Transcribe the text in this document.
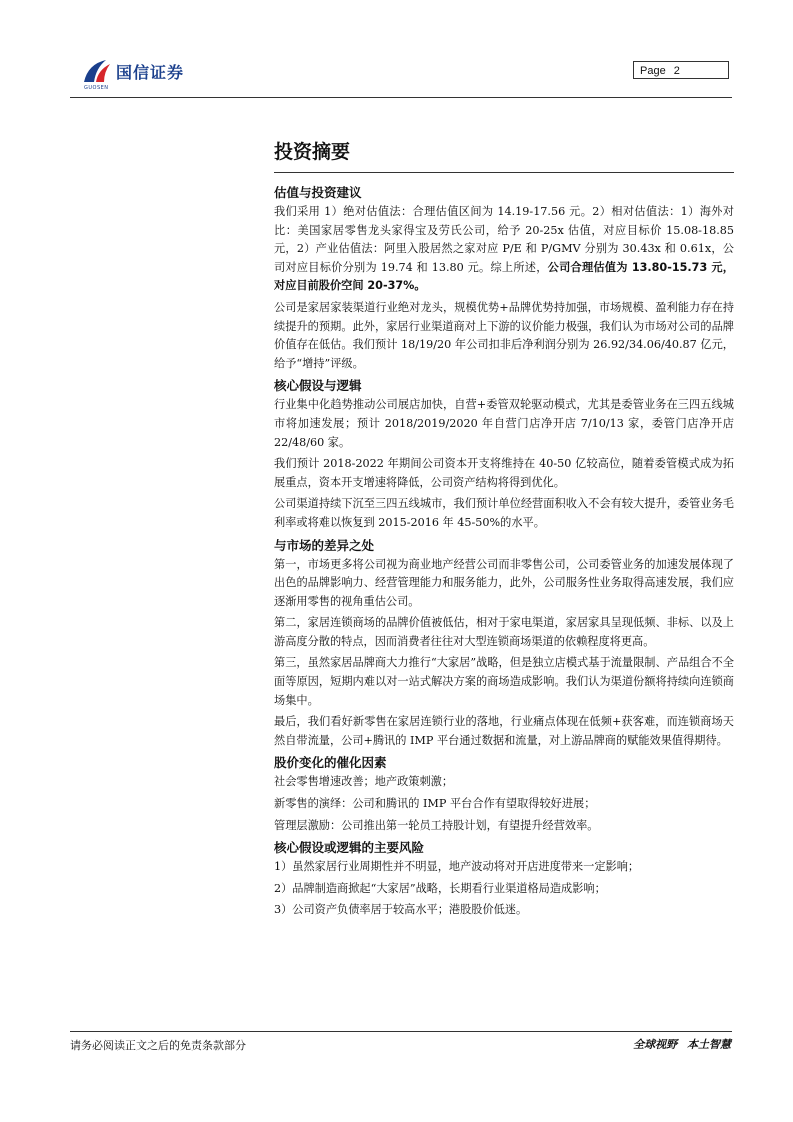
国信证券
GUOSEN
Page 2
投资摘要
估值与投资建议

我们采用 1）绝对估值法：合理估值区间为 14.19-17.56 元。2）相对估值法：1）海外对比：美国家居零售龙头家得宝及劳氏公司，给予 20-25x 估值，对应目标价 15.08-18.85 元，2）产业估值法：阿里入股居然之家对应 P/E 和 P/GMV 分别为 30.43x 和 0.61x，公司对应目标价分别为 19.74 和 13.80 元。综上所述，公司合理估值为 13.80-15.73 元，对应目前股价空间 20-37%。

公司是家居家装渠道行业绝对龙头，规模优势+品牌优势持加强，市场规模、盈利能力存在持续提升的预期。此外，家居行业渠道商对上下游的议价能力极强，我们认为市场对公司的品牌价值存在低估。我们预计 18/19/20 年公司扣非后净利润分别为 26.92/34.06/40.87 亿元，给予“增持”评级。

核心假设与逻辑

行业集中化趋势推动公司展店加快，自营+委管双轮驱动模式，尤其是委管业务在三四五线城市将加速发展；预计 2018/2019/2020 年自营门店净开店 7/10/13 家，委管门店净开店 22/48/60 家。

我们预计 2018-2022 年期间公司资本开支将维持在 40-50 亿较高位，随着委管模式成为拓展重点，资本开支增速将降低，公司资产结构将得到优化。

公司渠道持续下沉至三四五线城市，我们预计单位经营面积收入不会有较大提升，委管业务毛利率或将难以恢复到 2015-2016 年 45-50%的水平。

与市场的差异之处

第一，市场更多将公司视为商业地产经营公司而非零售公司，公司委管业务的加速发展体现了出色的品牌影响力、经营管理能力和服务能力，此外，公司服务性业务取得高速发展，我们应逐渐用零售的视角重估公司。

第二，家居连锁商场的品牌价值被低估，相对于家电渠道，家居家具呈现低频、非标、以及上游高度分散的特点，因而消费者往往对大型连锁商场渠道的依赖程度将更高。

第三，虽然家居品牌商大力推行“大家居”战略，但是独立店模式基于流量限制、产品组合不全面等原因，短期内难以对一站式解决方案的商场造成影响。我们认为渠道份额将持续向连锁商场集中。

最后，我们看好新零售在家居连锁行业的落地，行业痛点体现在低频+获客难，而连锁商场天然自带流量，公司+腾讯的 IMP 平台通过数据和流量，对上游品牌商的赋能效果值得期待。

股价变化的催化因素

社会零售增速改善；地产政策刺激；

新零售的演绎：公司和腾讯的 IMP 平台合作有望取得较好进展；

管理层激励：公司推出第一轮员工持股计划，有望提升经营效率。

核心假设或逻辑的主要风险

1）虽然家居行业周期性并不明显，地产波动将对开店进度带来一定影响；

2）品牌制造商掀起“大家居”战略，长期看行业渠道格局造成影响；

3）公司资产负债率居于较高水平；港股股价低迷。

请务必阅读正文之后的免责条款部分	全球视野 本土智慧
